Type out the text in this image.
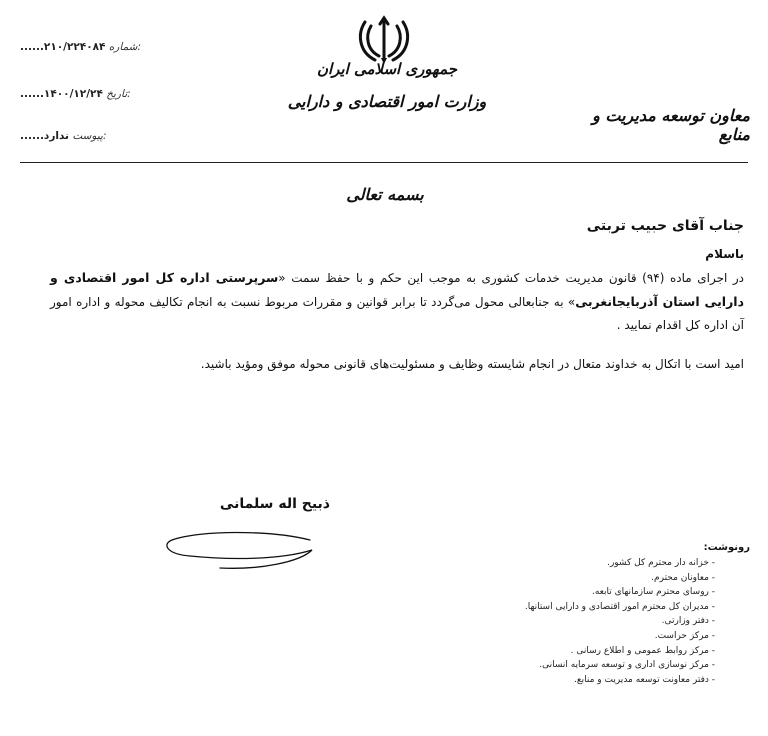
جمهوری اسلامی ایران
وزارت امور اقتصادی و دارایی
معاون توسعه مدیریت و منابع
......۲۱۰/۲۲۴۰۸۴ شماره:
......۱۴۰۰/۱۲/۲۴ تاریخ:
ندارد...... پیوست:
بسمه تعالی
جناب آقای حبیب تربتی
باسلام
در اجرای ماده (۹۴) قانون مدیریت خدمات کشوری به موجب این حکم و با حفظ سمت «سرپرستی اداره کل امور اقتصادی و دارایی استان آذربایجانغربی» به جنابعالی محول می‌گردد تا برابر قوانین و مقررات مربوط نسبت به انجام تکالیف محوله و اداره امور آن اداره کل اقدام نمایید .
امید است با اتکال به خداوند متعال در انجام شایسته وظایف و مسئولیت‌های قانونی محوله موفق ومؤید باشید.
ذبیح اله سلمانی
رونوشت:
- خزانه دار محترم کل کشور.
- معاونان محترم.
- روسای محترم سازمانهای تابعه.
- مدیران کل محترم امور اقتصادی و دارایی استانها.
- دفتر وزارتی.
- مرکز حراست.
- مرکز روابط عمومی و اطلاع رسانی .
- مرکز نوسازی اداری و توسعه سرمایه انسانی.
- دفتر معاونت توسعه مدیریت و منابع.
